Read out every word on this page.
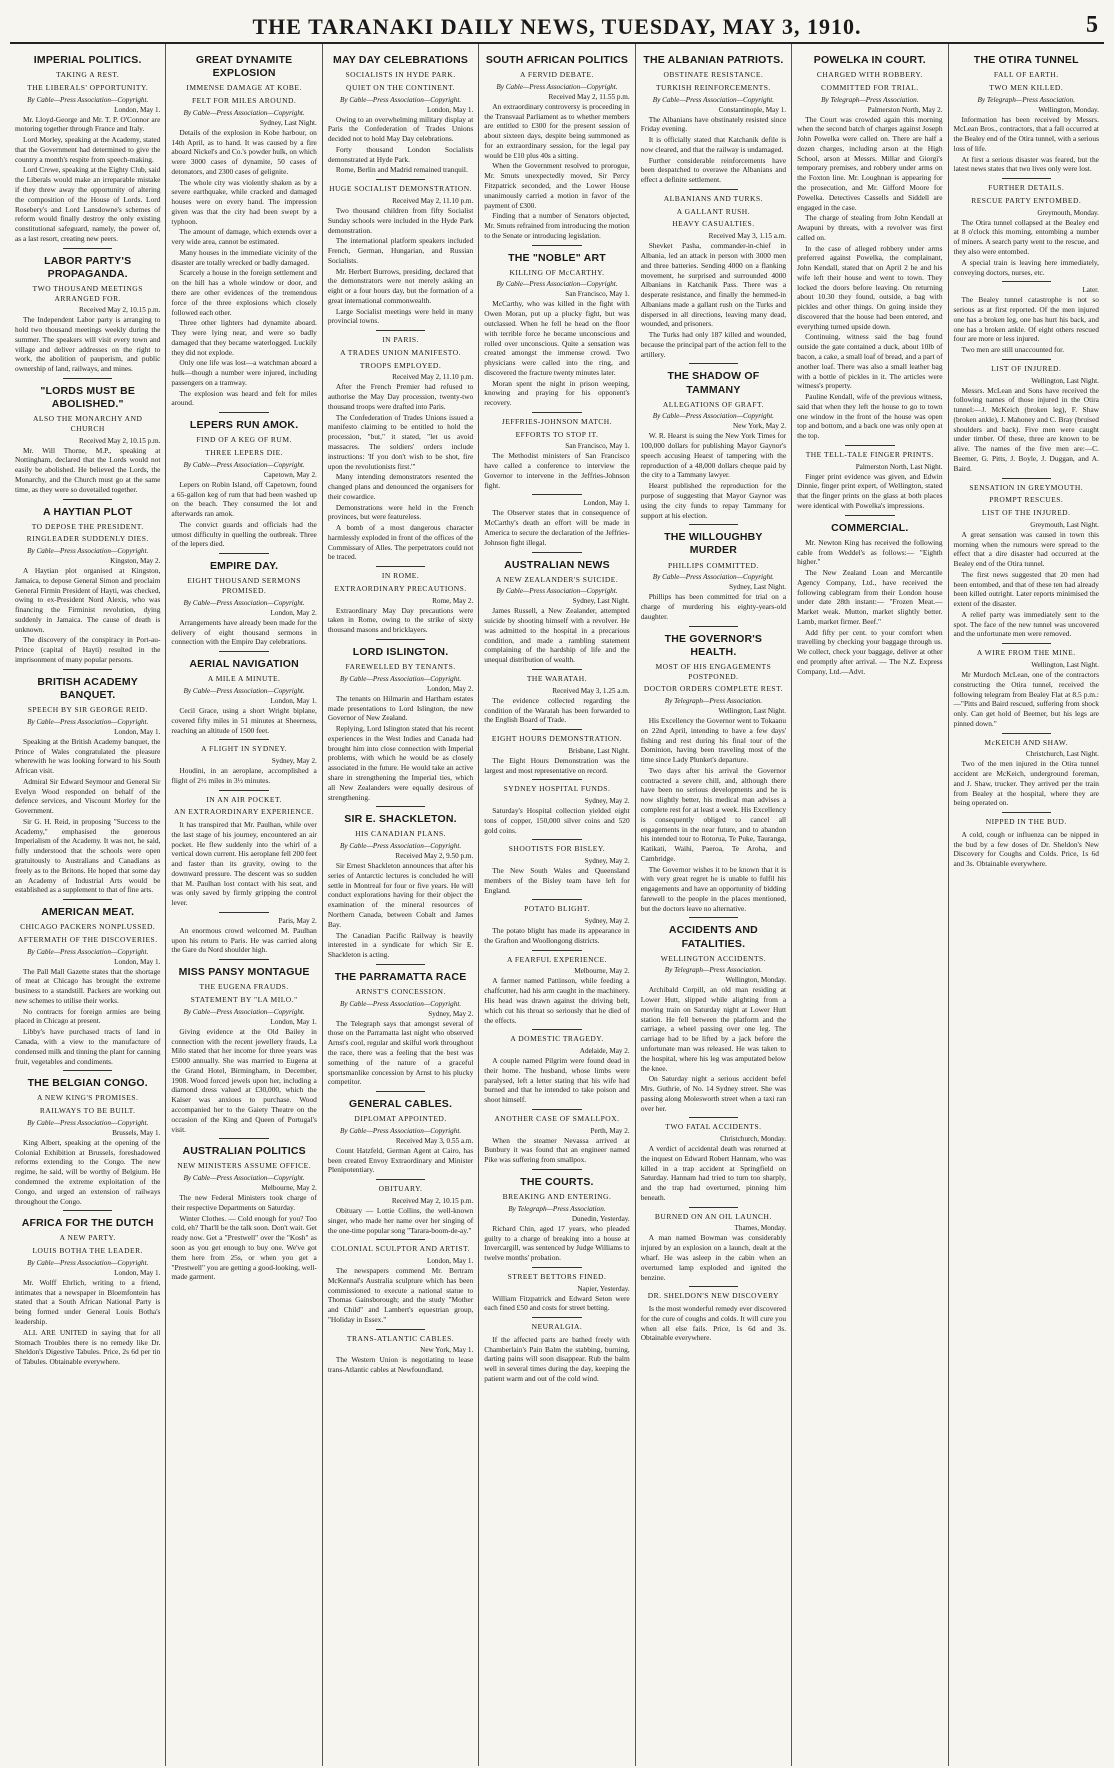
THE TARANAKI DAILY NEWS, TUESDAY, MAY 3, 1910.	5
IMPERIAL POLITICS.
TAKING A REST.
THE LIBERALS' OPPORTUNITY.
By Cable—Press Association—Copyright.
London, May 1.

Mr. Lloyd-George and Mr. T. P. O'Connor are motoring together through France and Italy.

Lord Morley, speaking at the Academy, stated that the Government had determined to give the country a month's respite from speech-making.

Lord Crewe, speaking at the Eighty Club, said the Liberals would make an irreparable mistake if they threw away the opportunity of altering the composition of the House of Lords. Lord Rosebery's and Lord Lansdowne's schemes of reform would finally destroy the only existing constitutional safeguard, namely, the power of, as a last resort, creating new peers.

LABOR PARTY'S PROPAGANDA.
TWO THOUSAND MEETINGS ARRANGED FOR.
Received May 2, 10.15 p.m.

The Independent Labor party is arranging to hold two thousand meetings weekly during the summer. The speakers will visit every town and village and deliver addresses on the right to work, the abolition of pauperism, and public ownership of land, railways, and mines.

"LORDS MUST BE ABOLISHED."
ALSO THE MONARCHY AND CHURCH
Received May 2, 10.15 p.m.

Mr. Will Thorne, M.P., speaking at Nottingham, declared that the Lords would not easily be abolished. He believed the Lords, the Monarchy, and the Church must go at the same time, as they were so dovetailed together.

A HAYTIAN PLOT
TO DEPOSE THE PRESIDENT.
RINGLEADER SUDDENLY DIES.
By Cable—Press Association—Copyright.
Kingston, May 2.

A Haytian plot organised at Kingston, Jamaica, to depose General Simon and proclaim General Firmin President of Hayti, was checked, owing to ex-President Nord Alexis, who was financing the Firminist revolution, dying suddenly in Jamaica. The cause of death is unknown.

The discovery of the conspiracy in Port-au-Prince (capital of Hayti) resulted in the imprisonment of many popular persons.

BRITISH ACADEMY BANQUET.
SPEECH BY SIR GEORGE REID.
By Cable—Press Association—Copyright.
London, May 1.

Speaking at the British Academy banquet, the Prince of Wales congratulated the pleasure wherewith he was looking forward to his South African visit.

Admiral Sir Edward Seymour and General Sir Evelyn Wood responded on behalf of the defence services, and Viscount Morley for the Government.

Sir G. H. Reid, in proposing "Success to the Academy," emphasised the generous Imperialism of the Academy. It was not, he said, fully understood that the schools were open gratuitously to Australians and Canadians as freely as to the Britons. He hoped that some day an Academy of Industrial Arts would be established as a supplement to that of fine arts.

AMERICAN MEAT.
CHICAGO PACKERS NONPLUSSED.
AFTERMATH OF THE DISCOVERIES.
By Cable—Press Association—Copyright.
London, May 1.

The Pall Mall Gazette states that the shortage of meat at Chicago has brought the extreme business to a standstill. Packers are working out new schemes to utilise their works.

No contracts for foreign armies are being placed in Chicago at present.

Libby's have purchased tracts of land in Canada, with a view to the manufacture of condensed milk and tinning the plant for canning fruit, vegetables and condiments.

THE BELGIAN CONGO.
A NEW KING'S PROMISES.
RAILWAYS TO BE BUILT.
By Cable—Press Association—Copyright.
Brussels, May 1.

King Albert, speaking at the opening of the Colonial Exhibition at Brussels, foreshadowed reforms extending to the Congo. The new regime, he said, will be worthy of Belgium. He condemned the extreme exploitation of the Congo, and urged an extension of railways throughout the Congo.

AFRICA FOR THE DUTCH
A NEW PARTY.
LOUIS BOTHA THE LEADER.
By Cable—Press Association—Copyright.
London, May 1.

Mr. Wolff Ehrlich, writing to a friend, intimates that a newspaper in Bloemfontein has stated that a South African National Party is being formed under General Louis Botha's leadership.

ALL ARE UNITED in saying that for all Stomach Troubles there is no remedy like Dr. Sheldon's Digestive Tabules. Price, 2s 6d per tin of Tabules. Obtainable everywhere.

GREAT DYNAMITE EXPLOSION
IMMENSE DAMAGE AT KOBE.
FELT FOR MILES AROUND.
By Cable—Press Association—Copyright.
Sydney, Last Night.

Details of the explosion in Kobe harbour, on 14th April, as to hand. It was caused by a fire aboard Nickel's and Co.'s powder hulk, on which were 3000 cases of dynamite, 50 cases of detonators, and 2300 cases of gelignite.

The whole city was violently shaken as by a severe earthquake, while cracked and damaged houses were on every hand. The impression given was that the city had been swept by a typhoon.

The amount of damage, which extends over a very wide area, cannot be estimated.

Many houses in the immediate vicinity of the disaster are totally wrecked or badly damaged.

Scarcely a house in the foreign settlement and on the hill has a whole window or door, and there are other evidences of the tremendous force of the three explosions which closely followed each other.

Three other lighters had dynamite aboard. They were lying near, and were so badly damaged that they became waterlogged. Luckily they did not explode.

Only one life was lost—a watchman aboard a hulk—though a number were injured, including passengers on a tramway.

The explosion was heard and felt for miles around.

LEPERS RUN AMOK.
FIND OF A KEG OF RUM.
THREE LEPERS DIE.
By Cable—Press Association—Copyright.
Capetown, May 2.

Lepers on Robin Island, off Capetown, found a 65-gallon keg of rum that had been washed up on the beach. They consumed the lot and afterwards ran amok.

The convict guards and officials had the utmost difficulty in quelling the outbreak. Three of the lepers died.

EMPIRE DAY.
EIGHT THOUSAND SERMONS PROMISED.
By Cable—Press Association—Copyright.
London, May 2.

Arrangements have already been made for the delivery of eight thousand sermons in connection with the Empire Day celebrations.

AERIAL NAVIGATION
A MILE A MINUTE.
By Cable—Press Association—Copyright.
London, May 1.

Cecil Grace, using a short Wright biplane, covered fifty miles in 51 minutes at Sheerness, reaching an altitude of 1500 feet.

A FLIGHT IN SYDNEY.
Sydney, May 2.

Houdini, in an aeroplane, accomplished a flight of 2½ miles in 3½ minutes.

IN AN AIR POCKET.
AN EXTRAORDINARY EXPERIENCE.

It has transpired that Mr. Paulhan, while over the last stage of his journey, encountered an air pocket. He flew suddenly into the whirl of a vertical down current. His aeroplane fell 200 feet and faster than its gravity, owing to the downward pressure. The descent was so sudden that M. Paulhan lost contact with his seat, and was only saved by firmly gripping the control lever.

Paris, May 2.

An enormous crowd welcomed M. Paulhan upon his return to Paris. He was carried along the Gare du Nord shoulder high.

MISS PANSY MONTAGUE
THE EUGENA FRAUDS.
STATEMENT BY "LA MILO."
By Cable—Press Association—Copyright.
London, May 1.

Giving evidence at the Old Bailey in connection with the recent jewellery frauds, La Milo stated that her income for three years was £5000 annually. She was married to Eugena at the Grand Hotel, Birmingham, in December, 1908. Wood forced jewels upon her, including a diamond dress valued at £30,000, which the Kaiser was anxious to purchase. Wood accompanied her to the Gaiety Theatre on the occasion of the King and Queen of Portugal's visit.

AUSTRALIAN POLITICS
NEW MINISTERS ASSUME OFFICE.
By Cable—Press Association—Copyright.
Melbourne, May 2.

The new Federal Ministers took charge of their respective Departments on Saturday.

Winter Clothes. — Cold enough for you? Too cold, eh? That'll be the talk soon. Don't wait. Get ready now. Get a "Prestwell" over the "Kosh" as soon as you get enough to buy one. We've got them here from 25s, or when you get a "Prestwell" you are getting a good-looking, well-made garment.

MAY DAY CELEBRATIONS
SOCIALISTS IN HYDE PARK.
QUIET ON THE CONTINENT.
By Cable—Press Association—Copyright.
London, May 1.

Owing to an overwhelming military display at Paris the Confederation of Trades Unions decided not to hold May Day celebrations.

Forty thousand London Socialists demonstrated at Hyde Park.

Rome, Berlin and Madrid remained tranquil.

HUGE SOCIALIST DEMONSTRATION.
Received May 2, 11.10 p.m.

Two thousand children from fifty Socialist Sunday schools were included in the Hyde Park demonstration.

The international platform speakers included French, German, Hungarian, and Russian Socialists.

Mr. Herbert Burrows, presiding, declared that the demonstrators were not merely asking an eight or a four hours day, but the formation of a great international commonwealth.

Large Socialist meetings were held in many provincial towns.

IN PARIS.
A TRADES UNION MANIFESTO.
TROOPS EMPLOYED.
Received May 2, 11.10 p.m.

After the French Premier had refused to authorise the May Day procession, twenty-two thousand troops were drafted into Paris.

The Confederation of Trades Unions issued a manifesto claiming to be entitled to hold the procession, "but," it stated, "let us avoid massacres. The soldiers' orders include instructions: 'If you don't wish to be shot, fire upon the revolutionists first.'"

Many intending demonstrators resented the changed plans and denounced the organisers for their cowardice.

Demonstrations were held in the French provinces, but were featureless.

A bomb of a most dangerous character harmlessly exploded in front of the offices of the Commissary of Alles. The perpetrators could not be traced.

IN ROME.
EXTRAORDINARY PRECAUTIONS.
Rome, May 2.

Extraordinary May Day precautions were taken in Rome, owing to the strike of sixty thousand masons and bricklayers.

LORD ISLINGTON.
FAREWELLED BY TENANTS.
By Cable—Press Association—Copyright.
London, May 2.

The tenants on Hilmarin and Hartham estates made presentations to Lord Islington, the new Governor of New Zealand.

Replying, Lord Islington stated that his recent experiences in the West Indies and Canada had brought him into close connection with Imperial problems, with which he would be as closely associated in the future. He would take an active share in strengthening the Imperial ties, which all New Zealanders were equally desirous of strengthening.

SIR E. SHACKLETON.
HIS CANADIAN PLANS.
By Cable—Press Association—Copyright.
Received May 2, 9.50 p.m.

Sir Ernest Shackleton announces that after his series of Antarctic lectures is concluded he will settle in Montreal for four or five years. He will conduct explorations having for their object the examination of the mineral resources of Northern Canada, between Cobalt and James Bay.

The Canadian Pacific Railway is heavily interested in a syndicate for which Sir E. Shackleton is acting.

THE PARRAMATTA RACE
ARNST'S CONCESSION.
By Cable—Press Association—Copyright.
Sydney, May 2.

The Telegraph says that amongst several of those on the Parramatta last night who observed Arnst's cool, regular and skilful work throughout the race, there was a feeling that the best was something of the nature of a graceful sportsmanlike concession by Arnst to his plucky competitor.

GENERAL CABLES.
DIPLOMAT APPOINTED.
By Cable—Press Association—Copyright.
Received May 3, 0.55 a.m.

Count Hatzfeld, German Agent at Cairo, has been created Envoy Extraordinary and Minister Plenipotentiary.

OBITUARY.
Received May 2, 10.15 p.m.

Obituary — Lottie Collins, the well-known singer, who made her name over her singing of the one-time popular song "Tarara-boom-de-ay."

COLONIAL SCULPTOR AND ARTIST.
London, May 1.

The newspapers commend Mr. Bertram McKennal's Australia sculpture which has been commissioned to execute a national statue to Thomas Gainsborough; and the study "Mother and Child" and Lambert's equestrian group, "Holiday in Essex."

TRANS-ATLANTIC CABLES.
New York, May 1.

The Western Union is negotiating to lease trans-Atlantic cables at Newfoundland.

SOUTH AFRICAN POLITICS
A FERVID DEBATE.
By Cable—Press Association—Copyright.
Received May 2, 11.55 p.m.

An extraordinary controversy is proceeding in the Transvaal Parliament as to whether members are entitled to £300 for the present session of about sixteen days, despite being summoned as for an extraordinary session, for the legal pay would be £10 plus 40s a sitting.

When the Government resolved to prorogue, Mr. Smuts unexpectedly moved, Sir Percy Fitzpatrick seconded, and the Lower House unanimously carried a motion in favor of the payment of £300.

Finding that a number of Senators objected, Mr. Smuts refrained from introducing the motion to the Senate or introducing legislation.

THE "NOBLE" ART
KILLING OF McCARTHY.
By Cable—Press Association—Copyright.
San Francisco, May 1.

McCarthy, who was killed in the fight with Owen Moran, put up a plucky fight, but was outclassed. When he fell he head on the floor with terrible force he became unconscious and rolled over unconscious. Quite a sensation was created amongst the immense crowd. Two physicians were called into the ring, and discovered the fracture twenty minutes later.

Moran spent the night in prison weeping, knowing and praying for his opponent's recovery.

JEFFRIES-JOHNSON MATCH.
EFFORTS TO STOP IT.
San Francisco, May 1.

The Methodist ministers of San Francisco have called a conference to interview the Governor to intervene in the Jeffries-Johnson fight.

London, May 1.

The Observer states that in consequence of McCarthy's death an effort will be made in America to secure the declaration of the Jeffries-Johnson fight illegal.

AUSTRALIAN NEWS
A NEW ZEALANDER'S SUICIDE.
By Cable—Press Association—Copyright.
Sydney, Last Night.

James Russell, a New Zealander, attempted suicide by shooting himself with a revolver. He was admitted to the hospital in a precarious condition, and made a rambling statement complaining of the hardship of life and the unequal distribution of wealth.

THE WARATAH.
Received May 3, 1.25 a.m.

The evidence collected regarding the condition of the Waratah has been forwarded to the English Board of Trade.

EIGHT HOURS DEMONSTRATION.
Brisbane, Last Night.

The Eight Hours Demonstration was the largest and most representative on record.

SYDNEY HOSPITAL FUNDS.
Sydney, May 2.

Saturday's Hospital collection yielded eight tons of copper, 150,000 silver coins and 520 gold coins.

SHOOTISTS FOR BISLEY.
Sydney, May 2.

The New South Wales and Queensland members of the Bisley team have left for England.

POTATO BLIGHT.
Sydney, May 2.

The potato blight has made its appearance in the Grafton and Woollongong districts.

A FEARFUL EXPERIENCE.
Melbourne, May 2.

A farmer named Pattinson, while feeding a chaffcutter, had his arm caught in the machinery. His head was drawn against the driving belt, which cut his throat so seriously that he died of the effects.

A DOMESTIC TRAGEDY.
Adelaide, May 2.

A couple named Pilgrim were found dead in their home. The husband, whose limbs were paralysed, left a letter stating that his wife had burned and that he intended to take poison and shoot himself.

ANOTHER CASE OF SMALLPOX.
Perth, May 2.

When the steamer Nevassa arrived at Bunbury it was found that an engineer named Pike was suffering from smallpox.

THE COURTS.
BREAKING AND ENTERING.
By Telegraph—Press Association.
Dunedin, Yesterday.

Richard Chin, aged 17 years, who pleaded guilty to a charge of breaking into a house at Invercargill, was sentenced by Judge Williams to twelve months' probation.

STREET BETTORS FINED.
Napier, Yesterday.

William Fitzpatrick and Edward Seton were each fined £50 and costs for street betting.

NEURALGIA.

If the affected parts are bathed freely with Chamberlain's Pain Balm the stabbing, burning, darting pains will soon disappear. Rub the balm well in several times during the day, keeping the patient warm and out of the cold wind.

THE ALBANIAN PATRIOTS.
OBSTINATE RESISTANCE.
TURKISH REINFORCEMENTS.
By Cable—Press Association—Copyright.
Constantinople, May 1.

The Albanians have obstinately resisted since Friday evening.

It is officially stated that Katchanik defile is now cleared, and that the railway is undamaged.

Further considerable reinforcements have been despatched to overawe the Albanians and effect a definite settlement.

ALBANIANS AND TURKS.
A GALLANT RUSH.
HEAVY CASUALTIES.
Received May 3, 1.15 a.m.

Shevket Pasha, commander-in-chief in Albania, led an attack in person with 3000 men and three batteries. Sending 4000 on a flanking movement, he surprised and surrounded 4000 Albanians in Katchanik Pass. There was a desperate resistance, and finally the hemmed-in Albanians made a gallant rush on the Turks and dispersed in all directions, leaving many dead, wounded, and prisoners.

The Turks had only 187 killed and wounded, because the principal part of the action fell to the artillery.

THE SHADOW OF TAMMANY
ALLEGATIONS OF GRAFT.
By Cable—Press Association—Copyright.
New York, May 2.

W. R. Hearst is suing the New York Times for 100,000 dollars for publishing Mayor Gaynor's speech accusing Hearst of tampering with the reproduction of a 48,000 dollars cheque paid by the city to a Tammany lawyer.

Hearst published the reproduction for the purpose of suggesting that Mayor Gaynor was using the city funds to repay Tammany for support at his election.

THE WILLOUGHBY MURDER
PHILLIPS COMMITTED.
By Cable—Press Association—Copyright.
Sydney, Last Night.

Phillips has been committed for trial on a charge of murdering his eighty-years-old daughter.

THE GOVERNOR'S HEALTH.
MOST OF HIS ENGAGEMENTS POSTPONED.
DOCTOR ORDERS COMPLETE REST.
By Telegraph—Press Association.
Wellington, Last Night.

His Excellency the Governor went to Tokaanu on 22nd April, intending to have a few days' fishing and rest during his final tour of the Dominion, having been traveling most of the time since Lady Plunket's departure.

Two days after his arrival the Governor contracted a severe chill, and, although there have been no serious developments and he is now slightly better, his medical man advises a complete rest for at least a week. His Excellency is consequently obliged to cancel all engagements in the near future, and to abandon his intended tour to Rotorua, Te Puke, Tauranga, Katikati, Waihi, Paeroa, Te Aroha, and Cambridge.

The Governor wishes it to be known that it is with very great regret he is unable to fulfil his engagements and have an opportunity of bidding farewell to the people in the places mentioned, but the doctors leave no alternative.

ACCIDENTS AND FATALITIES.
WELLINGTON ACCIDENTS.
By Telegraph—Press Association.
Wellington, Monday.

Archibald Corpill, an old man residing at Lower Hutt, slipped while alighting from a moving train on Saturday night at Lower Hutt station. He fell between the platform and the carriage, a wheel passing over one leg. The carriage had to be lifted by a jack before the unfortunate man was released. He was taken to the hospital, where his leg was amputated below the knee.

On Saturday night a serious accident befel Mrs. Guthrie, of No. 14 Sydney street. She was passing along Molesworth street when a taxi ran over her.

TWO FATAL ACCIDENTS.
Christchurch, Monday.

A verdict of accidental death was returned at the inquest on Edward Robert Hannam, who was killed in a trap accident at Springfield on Saturday. Hannam had tried to turn too sharply, and the trap had overturned, pinning him beneath.

BURNED ON AN OIL LAUNCH.
Thames, Monday.

A man named Bowman was considerably injured by an explosion on a launch, dealt at the wharf. He was asleep in the cabin when an overturned lamp exploded and ignited the benzine.

DR. SHELDON'S NEW DISCOVERY

Is the most wonderful remedy ever discovered for the cure of coughs and colds. It will cure you when all else fails. Price, 1s 6d and 3s. Obtainable everywhere.

POWELKA IN COURT.
CHARGED WITH ROBBERY.
COMMITTED FOR TRIAL.
By Telegraph—Press Association.
Palmerston North, May 2.

The Court was crowded again this morning when the second batch of charges against Joseph John Powelka were called on. There are half a dozen charges, including arson at the High School, arson at Messrs. Millar and Giorgi's temporary premises, and robbery under arms on the Foxton line. Mr. Loughnan is appearing for the prosecution, and Mr. Gifford Moore for Powelka. Detectives Cassells and Siddell are engaged in the case.

The charge of stealing from John Kendall at Awapuni by threats, with a revolver was first called on.

In the case of alleged robbery under arms preferred against Powelka, the complainant, John Kendall, stated that on April 2 he and his wife left their house and went to town. They locked the doors before leaving. On returning about 10.30 they found, outside, a bag with pickles and other things. On going inside they discovered that the house had been entered, and everything turned upside down.

Continuing, witness said the bag found outside the gate contained a duck, about 10lb of bacon, a cake, a small loaf of bread, and a part of another loaf. There was also a small leather bag with a bottle of pickles in it. The articles were witness's property.

Pauline Kendall, wife of the previous witness, said that when they left the house to go to town one window in the front of the house was open top and bottom, and a back one was only open at the top.

THE TELL-TALE FINGER PRINTS.
Palmerston North, Last Night.

Finger print evidence was given, and Edwin Dinnie, finger print expert, of Wellington, stated that the finger prints on the glass at both places were identical with Powelka's impressions.

COMMERCIAL.

Mr. Newton King has received the following cable from Weddel's as follows:— "Eighth higher."

The New Zealand Loan and Mercantile Agency Company, Ltd., have received the following cablegram from their London house under date 28th instant:— "Frozen Meat.— Market weak. Mutton, market slightly better. Lamb, market firmer. Beef."

Add fifty per cent. to your comfort when travelling by checking your baggage through us. We collect, check your baggage, deliver at other end promptly after arrival. — The N.Z. Express Company, Ltd.—Advt.

THE OTIRA TUNNEL
FALL OF EARTH.
TWO MEN KILLED.
By Telegraph—Press Association.
Wellington, Monday.

Information has been received by Messrs. McLean Bros., contractors, that a fall occurred at the Bealey end of the Otira tunnel, with a serious loss of life.

At first a serious disaster was feared, but the latest news states that two lives only were lost.

FURTHER DETAILS.
RESCUE PARTY ENTOMBED.
Greymouth, Monday.

The Otira tunnel collapsed at the Bealey end at 8 o'clock this morning, entombing a number of miners. A search party went to the rescue, and they also were entombed.

A special train is leaving here immediately, conveying doctors, nurses, etc.

Later.

The Bealey tunnel catastrophe is not so serious as at first reported. Of the men injured one has a broken leg, one has hurt his back, and one has a broken ankle. Of eight others rescued four are more or less injured.

Two men are still unaccounted for.

LIST OF INJURED.
Wellington, Last Night.

Messrs. McLean and Sons have received the following names of those injured in the Otira tunnel:—J. McKeich (broken leg), F. Shaw (broken ankle), J. Mahoney and C. Bray (bruised shoulders and back). Five men were caught under timber. Of these, three are known to be alive. The names of the five men are:—C. Beemer, G. Pitts, J. Boyle, J. Duggan, and A. Baird.

SENSATION IN GREYMOUTH.
PROMPT RESCUES.
LIST OF THE INJURED.
Greymouth, Last Night.

A great sensation was caused in town this morning when the rumours were spread to the effect that a dire disaster had occurred at the Bealey end of the Otira tunnel.

The first news suggested that 20 men had been entombed, and that of these ten had already been killed outright. Later reports minimised the extent of the disaster.

A relief party was immediately sent to the spot. The face of the new tunnel was uncovered and the unfortunate men were removed.

A WIRE FROM THE MINE.
Wellington, Last Night.

Mr Murdoch McLean, one of the contractors constructing the Otira tunnel, received the following telegram from Bealey Flat at 8.5 p.m.:—"Pitts and Baird rescued, suffering from shock only. Can get hold of Beemer, but his legs are pinned down."

McKEICH AND SHAW.
Christchurch, Last Night.

Two of the men injured in the Otira tunnel accident are McKeich, underground foreman, and J. Shaw, trucker. They arrived per the train from Bealey at the hospital, where they are being operated on.

NIPPED IN THE BUD.

A cold, cough or influenza can be nipped in the bud by a few doses of Dr. Sheldon's New Discovery for Coughs and Colds. Price, 1s 6d and 3s. Obtainable everywhere.
